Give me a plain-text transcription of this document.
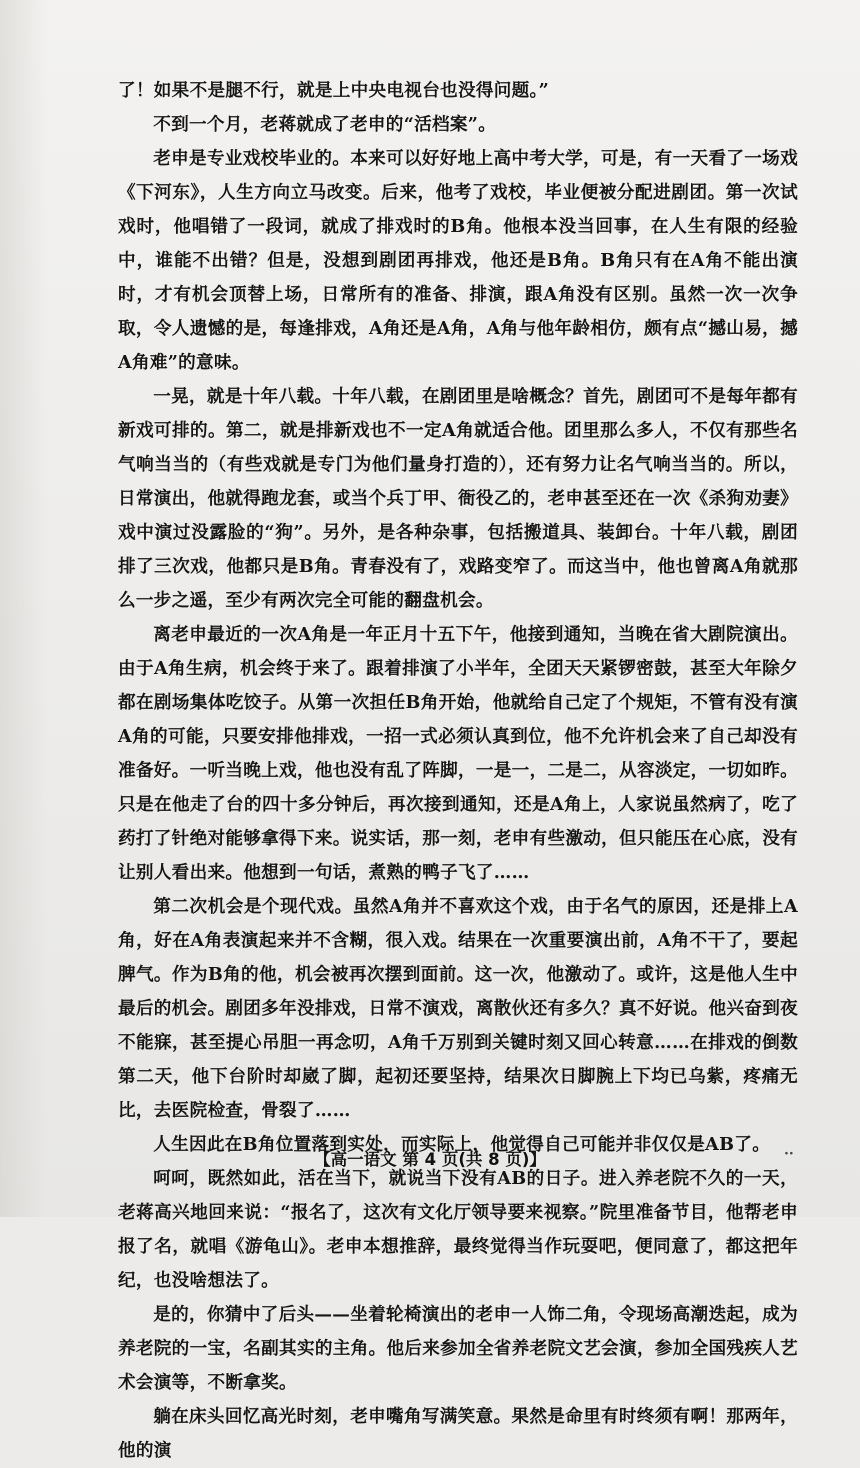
了！如果不是腿不行，就是上中央电视台也没得问题。”

不到一个月，老蒋就成了老申的“活档案”。

老申是专业戏校毕业的。本来可以好好地上高中考大学，可是，有一天看了一场戏《下河东》，人生方向立马改变。后来，他考了戏校，毕业便被分配进剧团。第一次试戏时，他唱错了一段词，就成了排戏时的B角。他根本没当回事，在人生有限的经验中，谁能不出错？但是，没想到剧团再排戏，他还是B角。B角只有在A角不能出演时，才有机会顶替上场，日常所有的准备、排演，跟A角没有区别。虽然一次一次争取，令人遗憾的是，每逢排戏，A角还是A角，A角与他年龄相仿，颇有点“撼山易，撼A角难”的意味。

一晃，就是十年八载。十年八载，在剧团里是啥概念？首先，剧团可不是每年都有新戏可排的。第二，就是排新戏也不一定A角就适合他。团里那么多人，不仅有那些名气响当当的（有些戏就是专门为他们量身打造的），还有努力让名气响当当的。所以，日常演出，他就得跑龙套，或当个兵丁甲、衙役乙的，老申甚至还在一次《杀狗劝妻》戏中演过没露脸的“狗”。另外，是各种杂事，包括搬道具、装卸台。十年八载，剧团排了三次戏，他都只是B角。青春没有了，戏路变窄了。而这当中，他也曾离A角就那么一步之遥，至少有两次完全可能的翻盘机会。

离老申最近的一次A角是一年正月十五下午，他接到通知，当晚在省大剧院演出。由于A角生病，机会终于来了。跟着排演了小半年，全团天天紧锣密鼓，甚至大年除夕都在剧场集体吃饺子。从第一次担任B角开始，他就给自己定了个规矩，不管有没有演A角的可能，只要安排他排戏，一招一式必须认真到位，他不允许机会来了自己却没有准备好。一听当晚上戏，他也没有乱了阵脚，一是一，二是二，从容淡定，一切如昨。只是在他走了台的四十多分钟后，再次接到通知，还是A角上，人家说虽然病了，吃了药打了针绝对能够拿得下来。说实话，那一刻，老申有些激动，但只能压在心底，没有让别人看出来。他想到一句话，煮熟的鸭子飞了……

第二次机会是个现代戏。虽然A角并不喜欢这个戏，由于名气的原因，还是排上A角，好在A角表演起来并不含糊，很入戏。结果在一次重要演出前，A角不干了，要起脾气。作为B角的他，机会被再次摆到面前。这一次，他激动了。或许，这是他人生中最后的机会。剧团多年没排戏，日常不演戏，离散伙还有多久？真不好说。他兴奋到夜不能寐，甚至提心吊胆一再念叨，A角千万别到关键时刻又回心转意……在排戏的倒数第二天，他下台阶时却崴了脚，起初还要坚持，结果次日脚腕上下均已乌紫，疼痛无比，去医院检查，骨裂了……

人生因此在B角位置落到实处，而实际上，他觉得自己可能并非仅仅是AB了。

呵呵，既然如此，活在当下，就说当下没有AB的日子。进入养老院不久的一天，老蒋高兴地回来说：“报名了，这次有文化厅领导要来视察。”院里准备节目，他帮老申报了名，就唱《游龟山》。老申本想推辞，最终觉得当作玩耍吧，便同意了，都这把年纪，也没啥想法了。

是的，你猜中了后头——坐着轮椅演出的老申一人饰二角，令现场高潮迭起，成为养老院的一宝，名副其实的主角。他后来参加全省养老院文艺会演，参加全国残疾人艺术会演等，不断拿奖。

躺在床头回忆高光时刻，老申嘴角写满笑意。果然是命里有时终须有啊！那两年，他的演

【高一语文 第 4 页(共 8 页)】	··
